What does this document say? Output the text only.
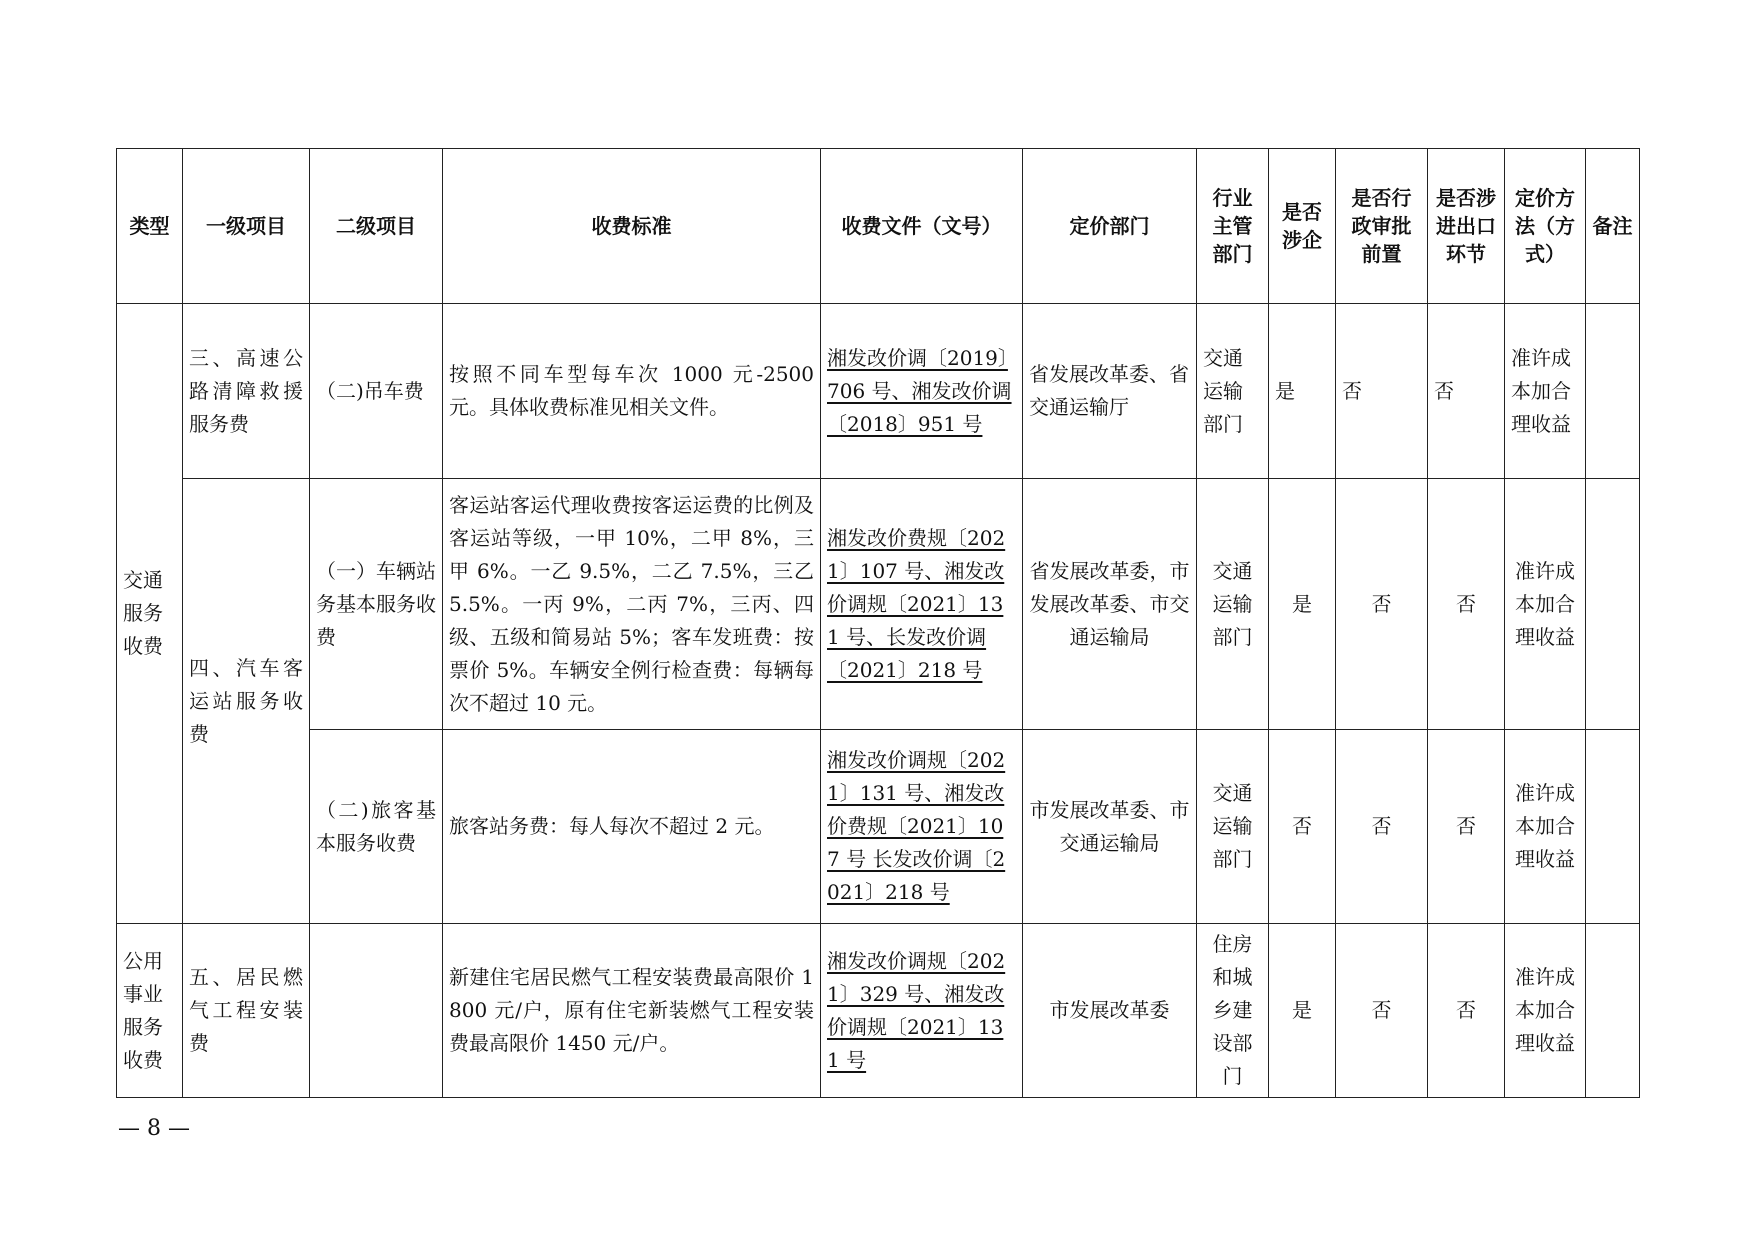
类型	一级项目	二级项目	收费标准	收费文件（文号）	定价部门	行业主管部门	是否涉企	是否行政审批前置	是否涉进出口环节	定价方法（方式）	备注
交通服务收费	三、高速公路清障救援服务费	（二)吊车费	按照不同车型每车次 1000 元-2500 元。具体收费标准见相关文件。	湘发改价调〔2019〕706 号、湘发改价调〔2018〕951 号	省发展改革委、省交通运输厅	交通运输部门	是	否	否	准许成本加合理收益	
	四、汽车客运站服务收费	（一）车辆站务基本服务收费	客运站客运代理收费按客运运费的比例及客运站等级，一甲 10%，二甲 8%，三甲 6%。一乙 9.5%，二乙 7.5%，三乙 5.5%。一丙 9%，二丙 7%，三丙、四级、五级和简易站 5%；客车发班费：按票价 5%。车辆安全例行检查费：每辆每次不超过 10 元。	湘发改价费规〔2021〕107 号、湘发改价调规〔2021〕131 号、长发改价调〔2021〕218 号	省发展改革委，市发展改革委、市交通运输局	交通运输部门	是	否	否	准许成本加合理收益	
		（二)旅客基本服务收费	旅客站务费：每人每次不超过 2 元。	湘发改价调规〔2021〕131 号、湘发改价费规〔2021〕107 号 长发改价调〔2021〕218 号	市发展改革委、市交通运输局	交通运输部门	否	否	否	准许成本加合理收益	
公用事业服务收费	五、居民燃气工程安装费		新建住宅居民燃气工程安装费最高限价 1800 元/户，原有住宅新装燃气工程安装费最高限价 1450 元/户。	湘发改价调规〔2021〕329 号、湘发改价调规〔2021〕131 号	市发展改革委	住房和城乡建设部门	是	否	否	准许成本加合理收益	
— 8 —
